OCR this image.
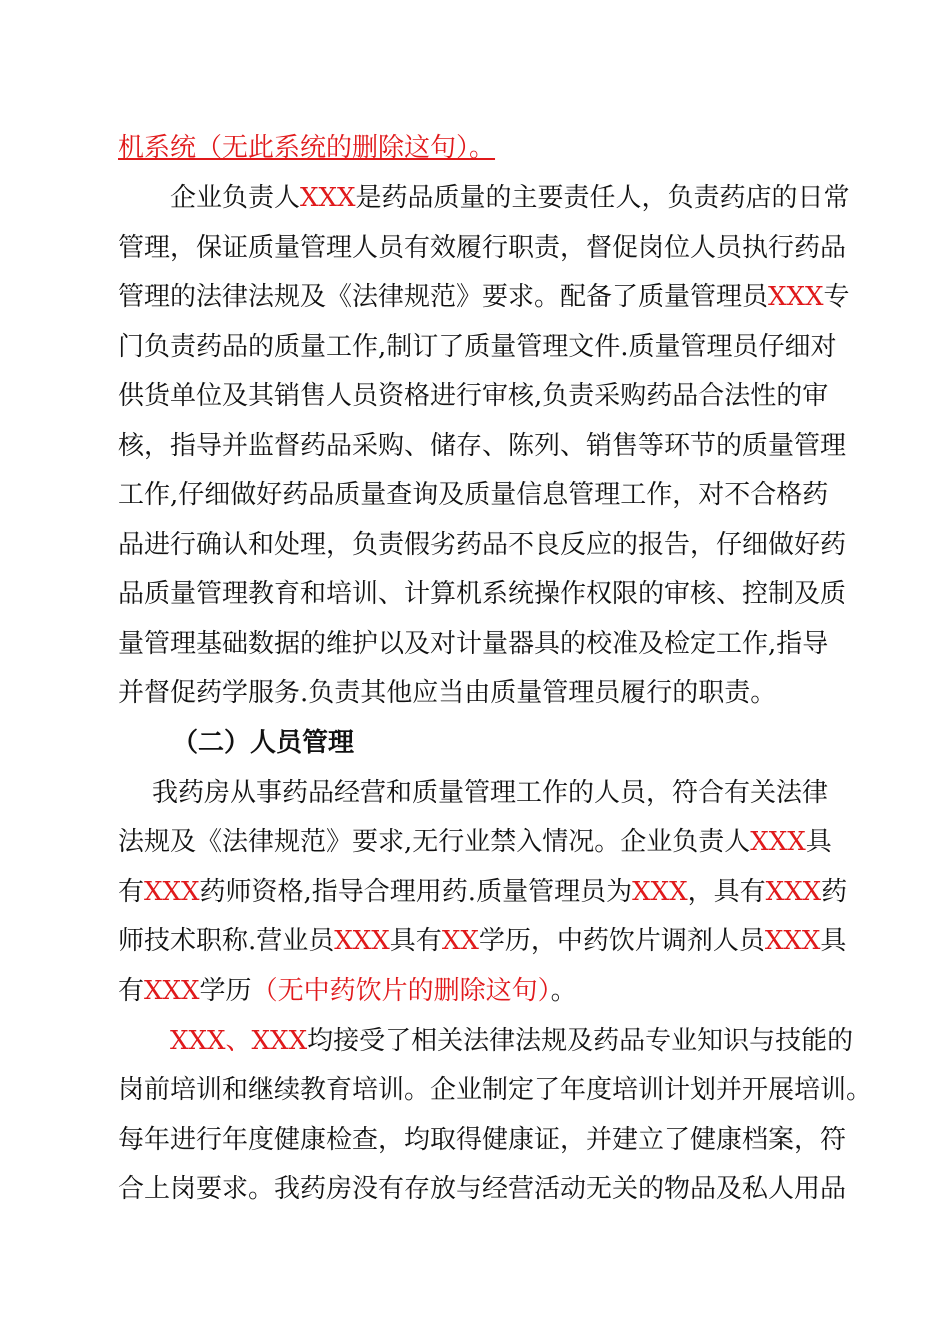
机系统（无此系统的删除这句）。
企业负责人XXX是药品质量的主要责任人，负责药店的日常
管理，保证质量管理人员有效履行职责，督促岗位人员执行药品
管理的法律法规及《法律规范》要求。配备了质量管理员XXX专
门负责药品的质量工作,制订了质量管理文件.质量管理员仔细对
供货单位及其销售人员资格进行审核,负责采购药品合法性的审
核，指导并监督药品采购、储存、陈列、销售等环节的质量管理
工作,仔细做好药品质量查询及质量信息管理工作，对不合格药
品进行确认和处理，负责假劣药品不良反应的报告，仔细做好药
品质量管理教育和培训、计算机系统操作权限的审核、控制及质
量管理基础数据的维护以及对计量器具的校准及检定工作,指导
并督促药学服务.负责其他应当由质量管理员履行的职责。
（二）人员管理
我药房从事药品经营和质量管理工作的人员，符合有关法律
法规及《法律规范》要求,无行业禁入情况。企业负责人XXX具
有XXX药师资格,指导合理用药.质量管理员为XXX，具有XXX药
师技术职称.营业员XXX具有XX学历，中药饮片调剂人员XXX具
有XXX学历（无中药饮片的删除这句）。
XXX、XXX均接受了相关法律法规及药品专业知识与技能的
岗前培训和继续教育培训。企业制定了年度培训计划并开展培训。
每年进行年度健康检查，均取得健康证，并建立了健康档案，符
合上岗要求。我药房没有存放与经营活动无关的物品及私人用品
